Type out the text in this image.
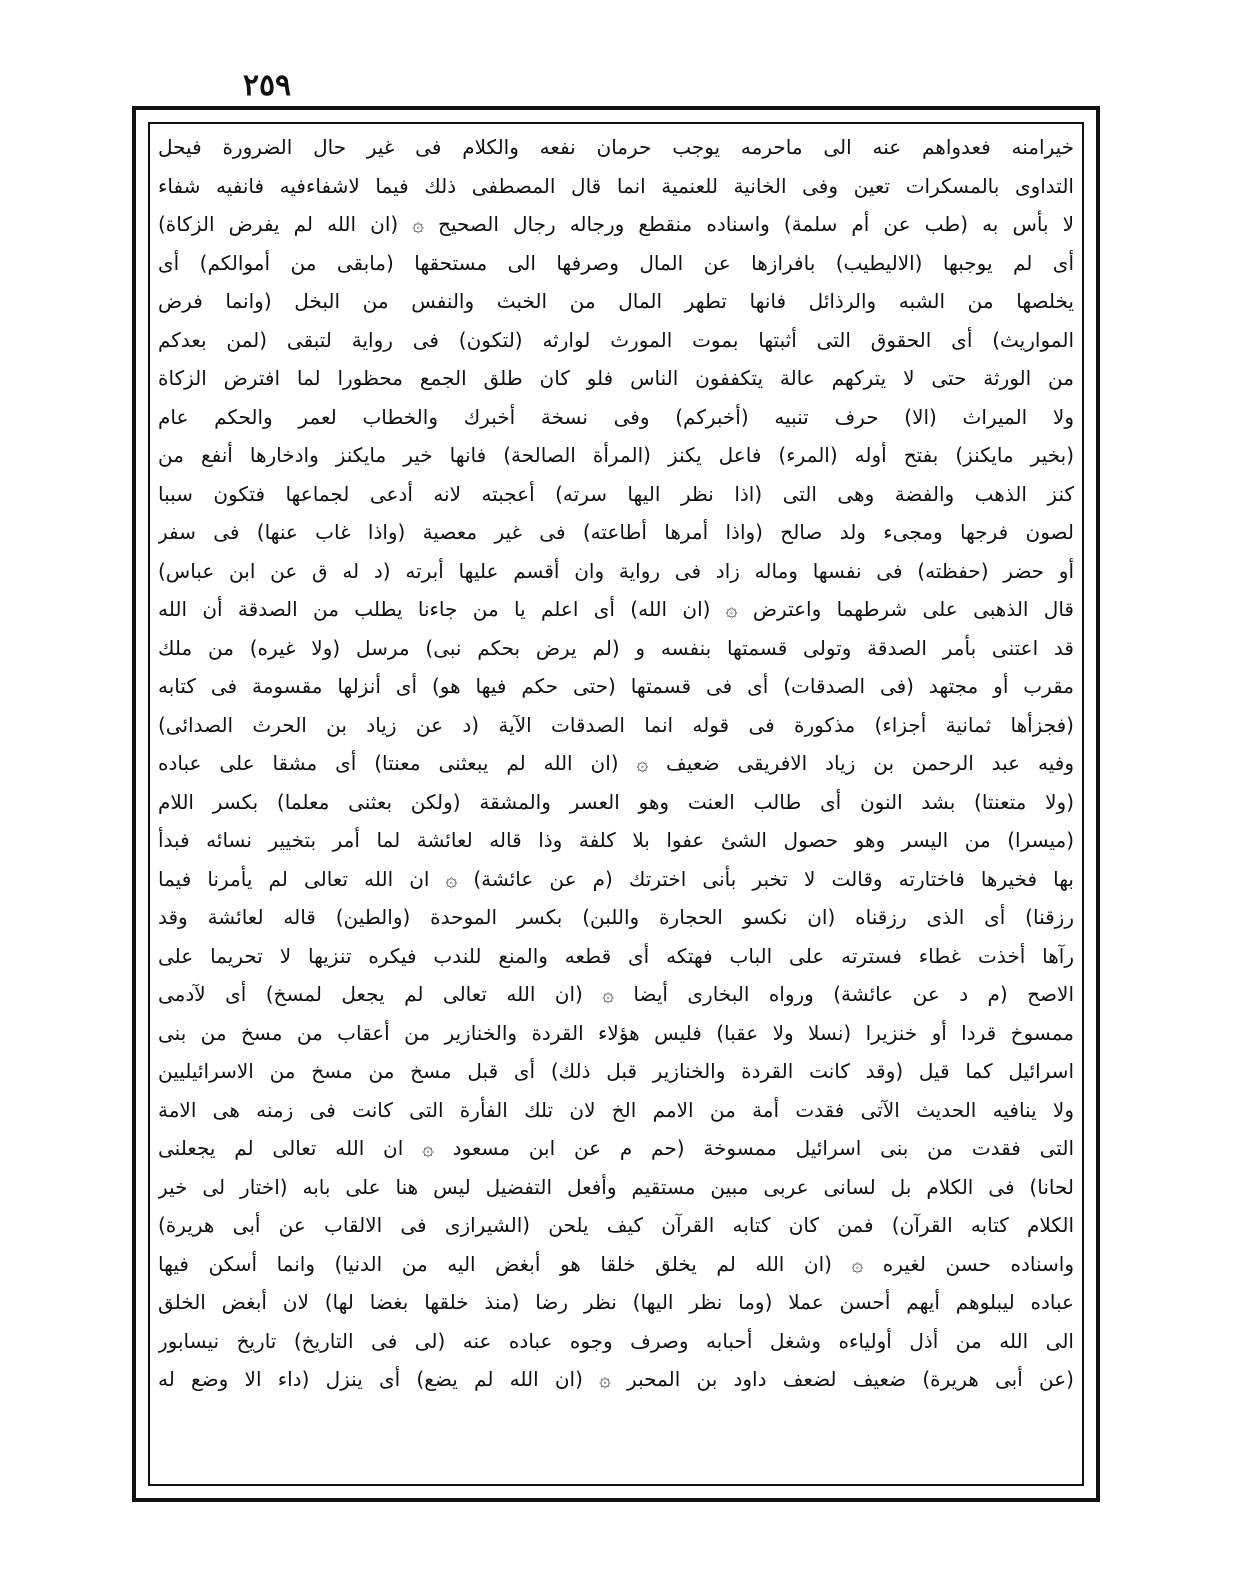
٢٥٩
خيرامنه فعدواهم عنه الى ماحرمه يوجب حرمان نفعه والكلام فى غير حال الضرورة فيحل
التداوى بالمسكرات تعين وفى الخانية للعنمية انما قال المصطفى ذلك فيما لاشفاءفيه فانفيه شفاء
لا بأس به (طب عن أم سلمة) واسناده منقطع ورجاله رجال الصحيح ۞ (ان الله لم يفرض الزكاة)
أى لم يوجبها (الاليطيب) بافرازها عن المال وصرفها الى مستحقها (مابقى من أموالكم) أى
يخلصها من الشبه والرذائل فانها تطهر المال من الخبث والنفس من البخل (وانما فرض
المواريث) أى الحقوق التى أثبتها بموت المورث لوارثه (لتكون) فى رواية لتبقى (لمن بعدكم
من الورثة حتى لا يتركهم عالة يتكففون الناس فلو كان طلق الجمع محظورا لما افترض الزكاة
ولا الميراث (الا) حرف تنبيه (أخبركم) وفى نسخة أخبرك والخطاب لعمر والحكم عام
(بخير مايكنز) بفتح أوله (المرء) فاعل يكنز (المرأة الصالحة) فانها خير مايكنز وادخارها أنفع من
كنز الذهب والفضة وهى التى (اذا نظر اليها سرته) أعجبته لانه أدعى لجماعها فتكون سببا
لصون فرجها ومجىء ولد صالح (واذا أمرها أطاعته) فى غير معصية (واذا غاب عنها) فى سفر
أو حضر (حفظته) فى نفسها وماله زاد فى رواية وان أقسم عليها أبرته (د له ق عن ابن عباس)
قال الذهبى على شرطهما واعترض ۞ (ان الله) أى اعلم يا من جاءنا يطلب من الصدقة أن الله
قد اعتنى بأمر الصدقة وتولى قسمتها بنفسه و (لم يرض بحكم نبى) مرسل (ولا غيره) من ملك
مقرب أو مجتهد (فى الصدقات) أى فى قسمتها (حتى حكم فيها هو) أى أنزلها مقسومة فى كتابه
(فجزأها ثمانية أجزاء) مذكورة فى قوله انما الصدقات الآية (د عن زياد بن الحرث الصدائى)
وفيه عبد الرحمن بن زياد الافريقى ضعيف ۞ (ان الله لم يبعثنى معنتا) أى مشقا على عباده
(ولا متعنتا) بشد النون أى طالب العنت وهو العسر والمشقة (ولكن بعثنى معلما) بكسر اللام
(ميسرا) من اليسر وهو حصول الشئ عفوا بلا كلفة وذا قاله لعائشة لما أمر بتخيير نسائه فبدأ
بها فخيرها فاختارته وقالت لا تخبر بأنى اخترتك (م عن عائشة) ۞ ان الله تعالى لم يأمرنا فيما
رزقنا) أى الذى رزقناه (ان نكسو الحجارة واللبن) بكسر الموحدة (والطين) قاله لعائشة وقد
رآها أخذت غطاء فسترته على الباب فهتكه أى قطعه والمنع للندب فيكره تنزيها لا تحريما على
الاصح (م د عن عائشة) ورواه البخارى أيضا ۞ (ان الله تعالى لم يجعل لمسخ) أى لآدمى
ممسوخ قردا أو خنزيرا (نسلا ولا عقبا) فليس هؤلاء القردة والخنازير من أعقاب من مسخ من بنى
اسرائيل كما قيل (وقد كانت القردة والخنازير قبل ذلك) أى قبل مسخ من مسخ من الاسرائيليين
ولا ينافيه الحديث الآتى فقدت أمة من الامم الخ لان تلك الفأرة التى كانت فى زمنه هى الامة
التى فقدت من بنى اسرائيل ممسوخة (حم م عن ابن مسعود ۞ ان الله تعالى لم يجعلنى
لحانا) فى الكلام بل لسانى عربى مبين مستقيم وأفعل التفضيل ليس هنا على بابه (اختار لى خير
الكلام كتابه القرآن) فمن كان كتابه القرآن كيف يلحن (الشيرازى فى الالقاب عن أبى هريرة)
واسناده حسن لغيره ۞ (ان الله لم يخلق خلقا هو أبغض اليه من الدنيا) وانما أسكن فيها
عباده ليبلوهم أيهم أحسن عملا (وما نظر اليها) نظر رضا (منذ خلقها بغضا لها) لان أبغض الخلق
الى الله من أذل أولياءه وشغل أحبابه وصرف وجوه عباده عنه (لى فى التاريخ) تاريخ نيسابور
(عن أبى هريرة) ضعيف لضعف داود بن المحبر ۞ (ان الله لم يضع) أى ينزل (داء الا وضع له
